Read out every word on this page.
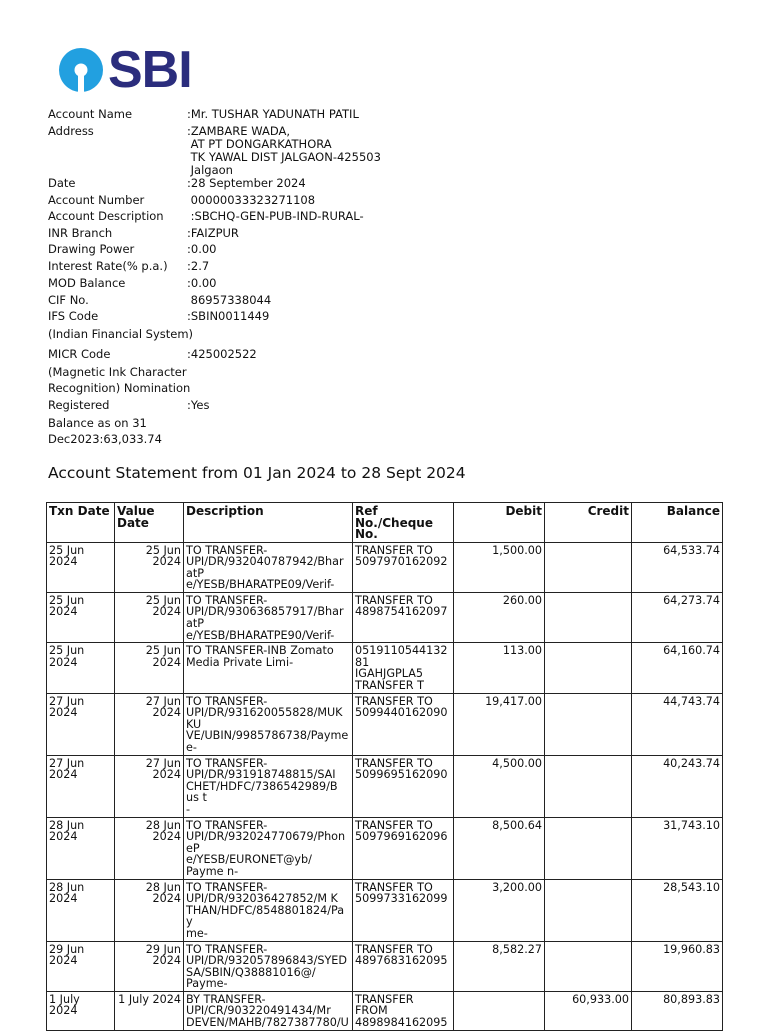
SBI
Account Name	:Mr. TUSHAR YADUNATH PATIL
Address	:ZAMBARE WADA,
AT PT DONGARKATHORA
TK YAWAL DIST JALGAON-425503
Jalgaon
Date	:28 September 2024
Account Number	00000033323271108
Account Description	:SBCHQ-GEN-PUB-IND-RURAL-
INR Branch	:FAIZPUR
Drawing Power	:0.00
Interest Rate(% p.a.)	:2.7
MOD Balance	:0.00
CIF No.	86957338044
IFS Code	:SBIN0011449
(Indian Financial System)
MICR Code	:425002522
(Magnetic Ink Character
Recognition) Nomination
Registered	:Yes
Balance as on 31
Dec2023:63,033.74
Account Statement from 01 Jan 2024 to 28 Sept 2024
Txn Date	Value Date	Description	Ref No./Cheque No.	Debit	Credit	Balance

25 Jun
2024	25 Jun
2024	TO TRANSFER-
UPI/DR/932040787942/Bhar
atP
e/YESB/BHARATPE09/Verif-	TRANSFER TO
5097970162092	1,500.00		64,533.74

25 Jun
2024	25 Jun
2024	TO TRANSFER-
UPI/DR/930636857917/Bhar
atP
e/YESB/BHARATPE90/Verif-	TRANSFER TO
4898754162097	260.00		64,273.74

25 Jun
2024	25 Jun
2024	TO TRANSFER-INB Zomato
Media Private Limi-	0519110544132
81
IGAHJGPLA5
TRANSFER T	113.00		64,160.74

27 Jun
2024	27 Jun
2024	TO TRANSFER-
UPI/DR/931620055828/MUK
KU
VE/UBIN/9985786738/Payme
e-	TRANSFER TO
5099440162090	19,417.00		44,743.74

27 Jun
2024	27 Jun
2024	TO TRANSFER-
UPI/DR/931918748815/SAI
CHET/HDFC/7386542989/B
us t
-	TRANSFER TO
5099695162090	4,500.00		40,243.74

28 Jun
2024	28 Jun
2024	TO TRANSFER-
UPI/DR/932024770679/Phon
eP
e/YESB/EURONET@yb/
Payme n-	TRANSFER TO
5097969162096	8,500.64		31,743.10

28 Jun
2024	28 Jun
2024	TO TRANSFER-
UPI/DR/932036427852/M K
THAN/HDFC/8548801824/Pa
y
me-	TRANSFER TO
5099733162099	3,200.00		28,543.10

29 Jun
2024	29 Jun
2024	TO TRANSFER-
UPI/DR/932057896843/SYED
SA/SBIN/Q38881016@/
Payme-	TRANSFER TO
4897683162095	8,582.27		19,960.83

1 July
2024	1 July 2024	BY TRANSFER-
UPI/CR/903220491434/Mr
DEVEN/MAHB/7827387780/U	TRANSFER
FROM
4898984162095		60,933.00	80,893.83
